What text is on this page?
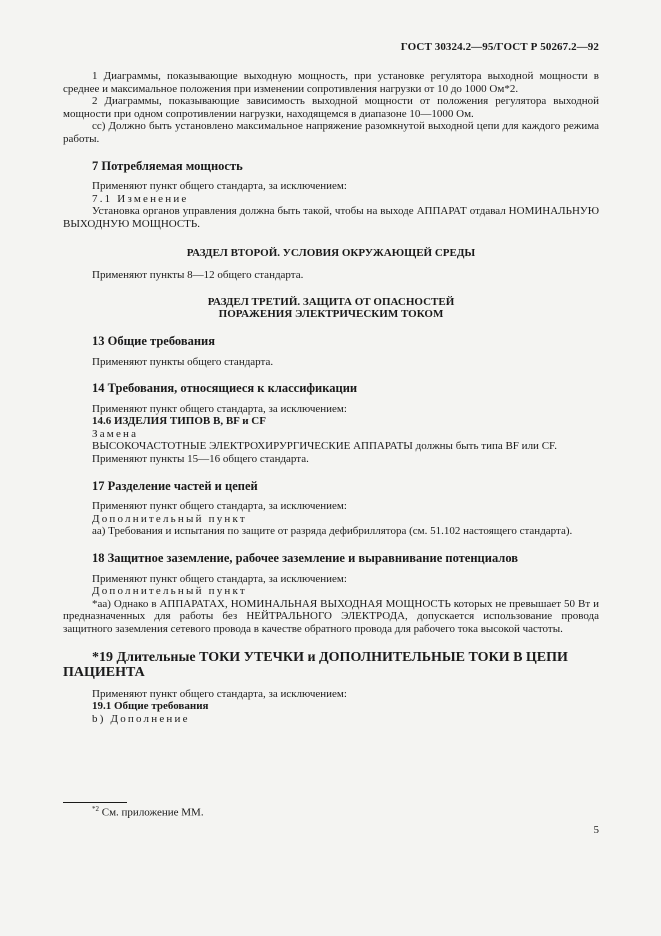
ГОСТ 30324.2—95/ГОСТ Р 50267.2—92

1 Диаграммы, показывающие выходную мощность, при установке регулятора выходной мощности в среднее и максимальное положения при изменении сопротивления нагрузки от 10 до 1000 Ом*2.

2 Диаграммы, показывающие зависимость выходной мощности от положения регулятора выходной мощности при одном сопротивлении нагрузки, находящемся в диапазоне 10—1000 Ом.

cc) Должно быть установлено максимальное напряжение разомкнутой выходной цепи для каждого режима работы.

7 Потребляемая мощность

Применяют пункт общего стандарта, за исключением:

7.1 Изменение

Установка органов управления должна быть такой, чтобы на выходе АППАРАТ отдавал НОМИНАЛЬНУЮ ВЫХОДНУЮ МОЩНОСТЬ.

РАЗДЕЛ ВТОРОЙ. УСЛОВИЯ ОКРУЖАЮЩЕЙ СРЕДЫ

Применяют пункты 8—12 общего стандарта.

РАЗДЕЛ ТРЕТИЙ. ЗАЩИТА ОТ ОПАСНОСТЕЙ
ПОРАЖЕНИЯ ЭЛЕКТРИЧЕСКИМ ТОКОМ
13 Общие требования

Применяют пункты общего стандарта.

14 Требования, относящиеся к классификации

Применяют пункт общего стандарта, за исключением:

14.6 ИЗДЕЛИЯ ТИПОВ В, BF и CF

Замена

ВЫСОКОЧАСТОТНЫЕ ЭЛЕКТРОХИРУРГИЧЕСКИЕ АППАРАТЫ должны быть типа BF или CF.

Применяют пункты 15—16 общего стандарта.

17 Разделение частей и цепей

Применяют пункт общего стандарта, за исключением:

Дополнительный пункт

aa) Требования и испытания по защите от разряда дефибриллятора (см. 51.102 настоящего стандарта).

18 Защитное заземление, рабочее заземление и выравнивание потенциалов

Применяют пункт общего стандарта, за исключением:

Дополнительный пункт

*aa) Однако в АППАРАТАХ, НОМИНАЛЬНАЯ ВЫХОДНАЯ МОЩНОСТЬ которых не превышает 50 Вт и предназначенных для работы без НЕЙТРАЛЬНОГО ЭЛЕКТРОДА, допускается использование провода защитного заземления сетевого провода в качестве обратного провода для рабочего тока высокой частоты.

*19 Длительные ТОКИ УТЕЧКИ и ДОПОЛНИТЕЛЬНЫЕ ТОКИ В ЦЕПИ ПАЦИЕНТА

Применяют пункт общего стандарта, за исключением:

19.1 Общие требования

b) Дополнение

$^{*2}$ См. приложение ММ.
5
